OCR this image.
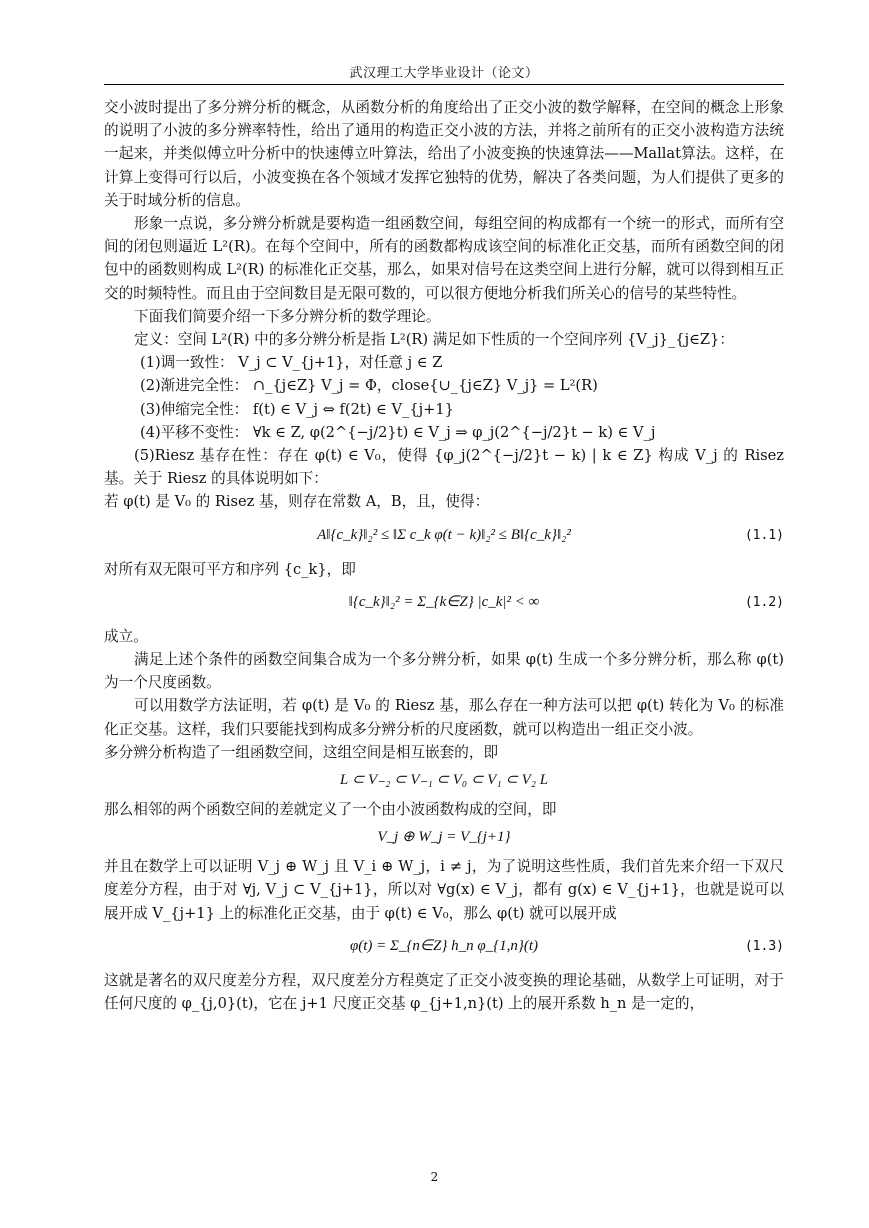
武汉理工大学毕业设计（论文）

交小波时提出了多分辨分析的概念，从函数分析的角度给出了正交小波的数学解释，在空间的概念上形象的说明了小波的多分辨率特性，给出了通用的构造正交小波的方法，并将之前所有的正交小波构造方法统一起来，并类似傅立叶分析中的快速傅立叶算法，给出了小波变换的快速算法——Mallat算法。这样，在计算上变得可行以后，小波变换在各个领域才发挥它独特的优势，解决了各类问题，为人们提供了更多的关于时域分析的信息。

形象一点说，多分辨分析就是要构造一组函数空间，每组空间的构成都有一个统一的形式，而所有空间的闭包则逼近 L²(R)。在每个空间中，所有的函数都构成该空间的标准化正交基，而所有函数空间的闭包中的函数则构成 L²(R) 的标准化正交基，那么，如果对信号在这类空间上进行分解，就可以得到相互正交的时频特性。而且由于空间数目是无限可数的，可以很方便地分析我们所关心的信号的某些特性。

下面我们简要介绍一下多分辨分析的数学理论。

定义：空间 L²(R) 中的多分辨分析是指 L²(R) 满足如下性质的一个空间序列 {V_j}_{j∈Z}：

(1)调一致性： V_j ⊂ V_{j+1}，对任意 j ∈ Z

(2)渐进完全性： ∩_{j∈Z} V_j = Φ，close{∪_{j∈Z} V_j} = L²(R)

(3)伸缩完全性： f(t) ∈ V_j ⇔ f(2t) ∈ V_{j+1}

(4)平移不变性： ∀k ∈ Z, φ(2^{−j/2}t) ∈ V_j ⇒ φ_j(2^{−j/2}t − k) ∈ V_j

(5)Riesz 基存在性：存在 φ(t) ∈ V₀，使得 {φ_j(2^{−j/2}t − k) | k ∈ Z} 构成 V_j 的 Risez 基。关于 Riesz 的具体说明如下：

若 φ(t) 是 V₀ 的 Risez 基，则存在常数 A，B，且，使得：

A‖{c_k}‖₂² ≤ ‖Σ c_k φ(t − k)‖₂² ≤ B‖{c_k}‖₂²	(1.1)

对所有双无限可平方和序列 {c_k}，即

‖{c_k}‖₂² = Σ_{k∈Z} |c_k|² < ∞	(1.2)

成立。

满足上述个条件的函数空间集合成为一个多分辨分析，如果 φ(t) 生成一个多分辨分析，那么称 φ(t) 为一个尺度函数。

可以用数学方法证明，若 φ(t) 是 V₀ 的 Riesz 基，那么存在一种方法可以把 φ(t) 转化为 V₀ 的标准化正交基。这样，我们只要能找到构成多分辨分析的尺度函数，就可以构造出一组正交小波。

多分辨分析构造了一组函数空间，这组空间是相互嵌套的，即

L ⊂ V₋₂ ⊂ V₋₁ ⊂ V₀ ⊂ V₁ ⊂ V₂ L

那么相邻的两个函数空间的差就定义了一个由小波函数构成的空间，即

V_j ⊕ W_j = V_{j+1}

并且在数学上可以证明 V_j ⊕ W_j 且 V_i ⊕ W_j，i ≠ j，为了说明这些性质，我们首先来介绍一下双尺度差分方程，由于对 ∀j, V_j ⊂ V_{j+1}，所以对 ∀g(x) ∈ V_j，都有 g(x) ∈ V_{j+1}，也就是说可以展开成 V_{j+1} 上的标准化正交基，由于 φ(t) ∈ V₀，那么 φ(t) 就可以展开成

φ(t) = Σ_{n∈Z} h_n φ_{1,n}(t)	(1.3)

这就是著名的双尺度差分方程，双尺度差分方程奠定了正交小波变换的理论基础，从数学上可证明，对于任何尺度的 φ_{j,0}(t)，它在 j+1 尺度正交基 φ_{j+1,n}(t) 上的展开系数 h_n 是一定的，

2
